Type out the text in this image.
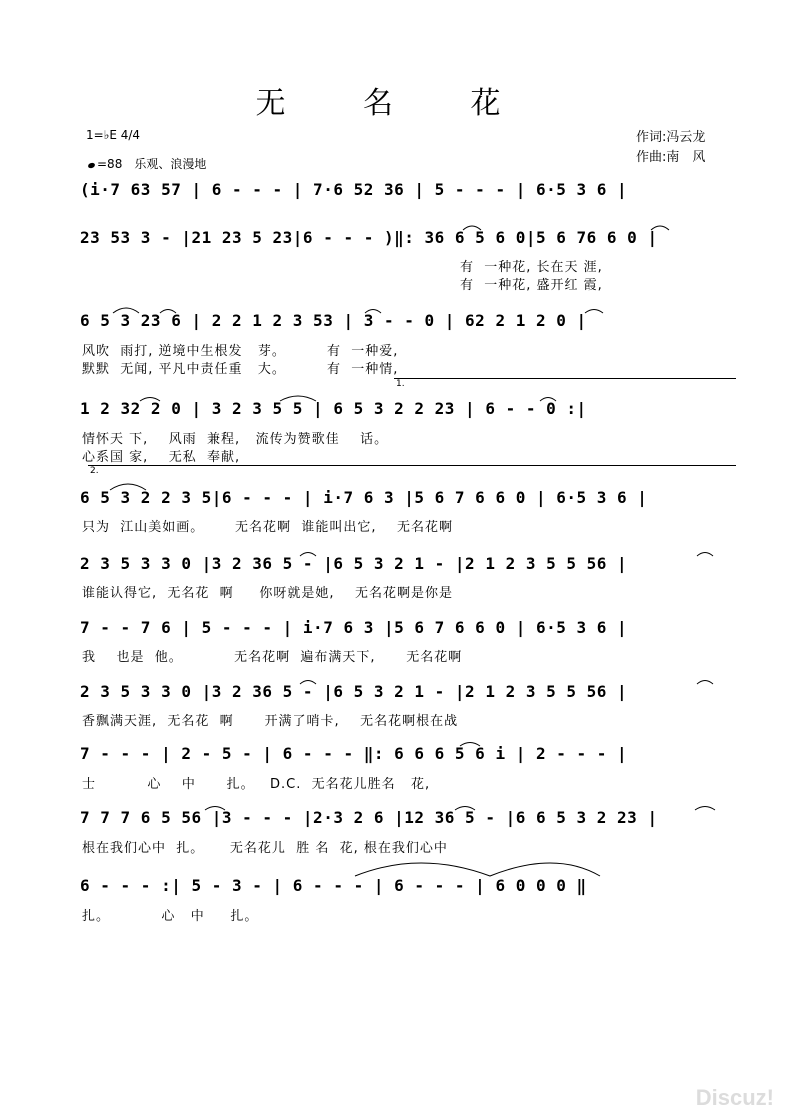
无 名 花
1=♭E 4/4
=88 乐观、浪漫地
作词:冯云龙
作曲:南　风
(i·7 63 57 | 6 - - - | 7·6 52 36 | 5 - - - | 6·5 3 6 |
23 53 3 - |21 23 5 23|6 - - - )‖: 36 6 5 6 0|5 6 76 6 0 |
有  一种花, 长在天 涯,
有  一种花, 盛开红 霞,
6 5 3 23 6 | 2 2 1 2 3 53 | 3 - - 0 | 62 2 1 2 0 |
风吹  雨打, 逆境中生根发   芽。        有  一种爱,
默默  无闻, 平凡中责任重   大。        有  一种情,
1.
1 2 32 2 0 | 3 2 3 5 5 | 6 5 3 2 2 23 | 6 - - 0 :|
情怀天 下,    风雨  兼程,   流传为赞歌佳    话。
心系国 家,    无私  奉献,
2.
6 5 3 2 2 3 5|6 - - - | i·7 6 3 |5 6 7 6 6 0 | 6·5 3 6 |
只为  江山美如画。      无名花啊  谁能叫出它,    无名花啊
2 3 5 3 3 0 |3 2 36 5 - |6 5 3 2 1 - |2 1 2 3 5 5 56 |
谁能认得它,  无名花  啊     你呀就是她,    无名花啊是你是
7 - - 7 6 | 5 - - - | i·7 6 3 |5 6 7 6 6 0 | 6·5 3 6 |
我    也是  他。          无名花啊  遍布满天下,      无名花啊
2 3 5 3 3 0 |3 2 36 5 - |6 5 3 2 1 - |2 1 2 3 5 5 56 |
香飘满天涯,  无名花  啊      开满了哨卡,    无名花啊根在战
7 - - - | 2 - 5 - | 6 - - - ‖: 6 6 6 5 6 i | 2 - - - |
士          心    中      扎。   D.C.  无名花儿胜名   花,
7 7 7 6 5 56 |3 - - - |2·3 2 6 |12 36 5 - |6 6 5 3 2 23 |
根在我们心中  扎。     无名花儿  胜 名  花, 根在我们心中
6 - - - :| 5 - 3 - | 6 - - - | 6 - - - | 6 0 0 0 ‖
扎。          心   中     扎。
Discuz!
